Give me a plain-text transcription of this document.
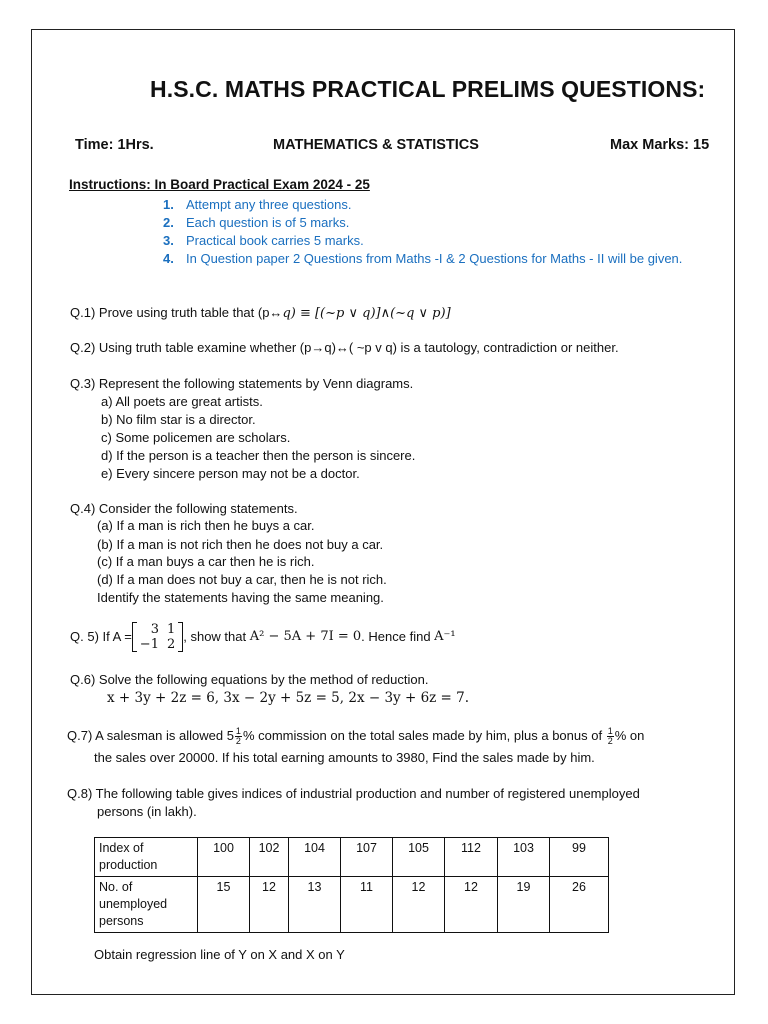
H.S.C. MATHS PRACTICAL PRELIMS QUESTIONS:
Time: 1Hrs.	MATHEMATICS & STATISTICS	Max Marks: 15
Instructions: In Board Practical Exam 2024 - 25
1. Attempt any three questions.
2. Each question is of 5 marks.
3. Practical book carries 5 marks.
4. In Question paper 2 Questions from Maths -I & 2 Questions for Maths - II will be given.
Q.1) Prove using truth table that (p↔q) ≡ [(~p ∨ q)]∧(~q ∨ p)]
Q.2) Using truth table examine whether (p→q)↔( ~p v q) is a tautology, contradiction or neither.
Q.3) Represent the following statements by Venn diagrams.
a) All poets are great artists.
b) No film star is a director.
c) Some policemen are scholars.
d) If the person is a teacher then the person is sincere.
e) Every sincere person may not be a doctor.
Q.4) Consider the following statements.
(a) If a man is rich then he buys a car.
(b) If a man is not rich then he does not buy a car.
(c) If a man buys a car then he is rich.
(d) If a man does not buy a car, then he is not rich.
Identify the statements having the same meaning.
Q. 5) If A = 3	1
−1	2
, show that
A² − 5A + 7I = 0 . Hence find
A⁻¹
Q.6) Solve the following equations by the method of reduction.
x + 3y + 2z = 6, 3x − 2y + 5z = 5, 2x − 3y + 6z = 7.
Q.7) A salesman is allowed $5 \frac{1}{2}$ % commission on the total sales made by him, plus a bonus of $\frac{1}{2}$ % on
the sales over 20000. If his total earning amounts to 3980, Find the sales made by him.
Q.8) The following table gives indices of industrial production and number of registered unemployed
persons (in lakh).
Index of production	100	102	104	107	105	112	103	99
No. of unemployed persons	15	12	13	11	12	12	19	26
Obtain regression line of Y on X and X on Y
